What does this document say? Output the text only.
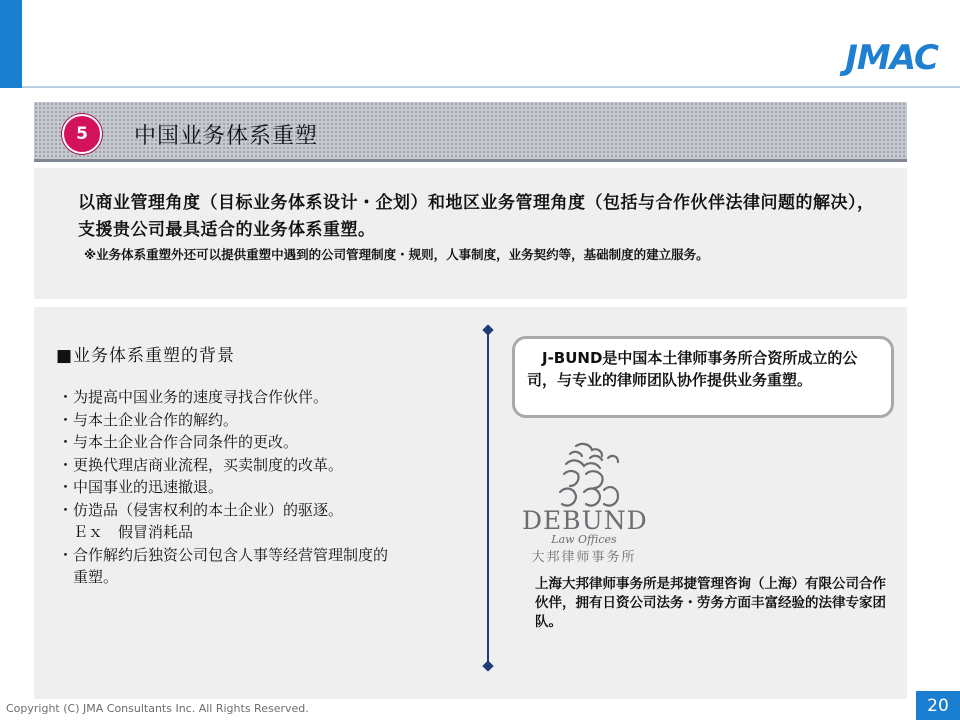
JMAC
5	中国业务体系重塑
以商业管理角度（目标业务体系设计・企划）和地区业务管理角度（包括与合作伙伴法律问题的解决），支援贵公司最具适合的业务体系重塑。
※业务体系重塑外还可以提供重塑中遇到的公司管理制度・规则，人事制度，业务契约等，基础制度的建立服务。
■业务体系重塑的背景
・为提高中国业务的速度寻找合作伙伴。
・与本土企业合作的解约。
・与本土企业合作合同条件的更改。
・更换代理店商业流程，买卖制度的改革。
・中国事业的迅速撤退。
・仿造品（侵害权利的本土企业）的驱逐。
　Ｅｘ　假冒消耗品
・合作解约后独资公司包含人事等经营管理制度的
　重塑。
　J-BUND是中国本土律师事务所合资所成立的公司，与专业的律师团队协作提供业务重塑。
DEBUND
Law Offices
大邦律师事务所
上海大邦律师事务所是邦捷管理咨询（上海）有限公司合作伙伴，拥有日资公司法务・劳务方面丰富经验的法律专家团队。
Copyright (C) JMA Consultants Inc. All Rights Reserved.	20
